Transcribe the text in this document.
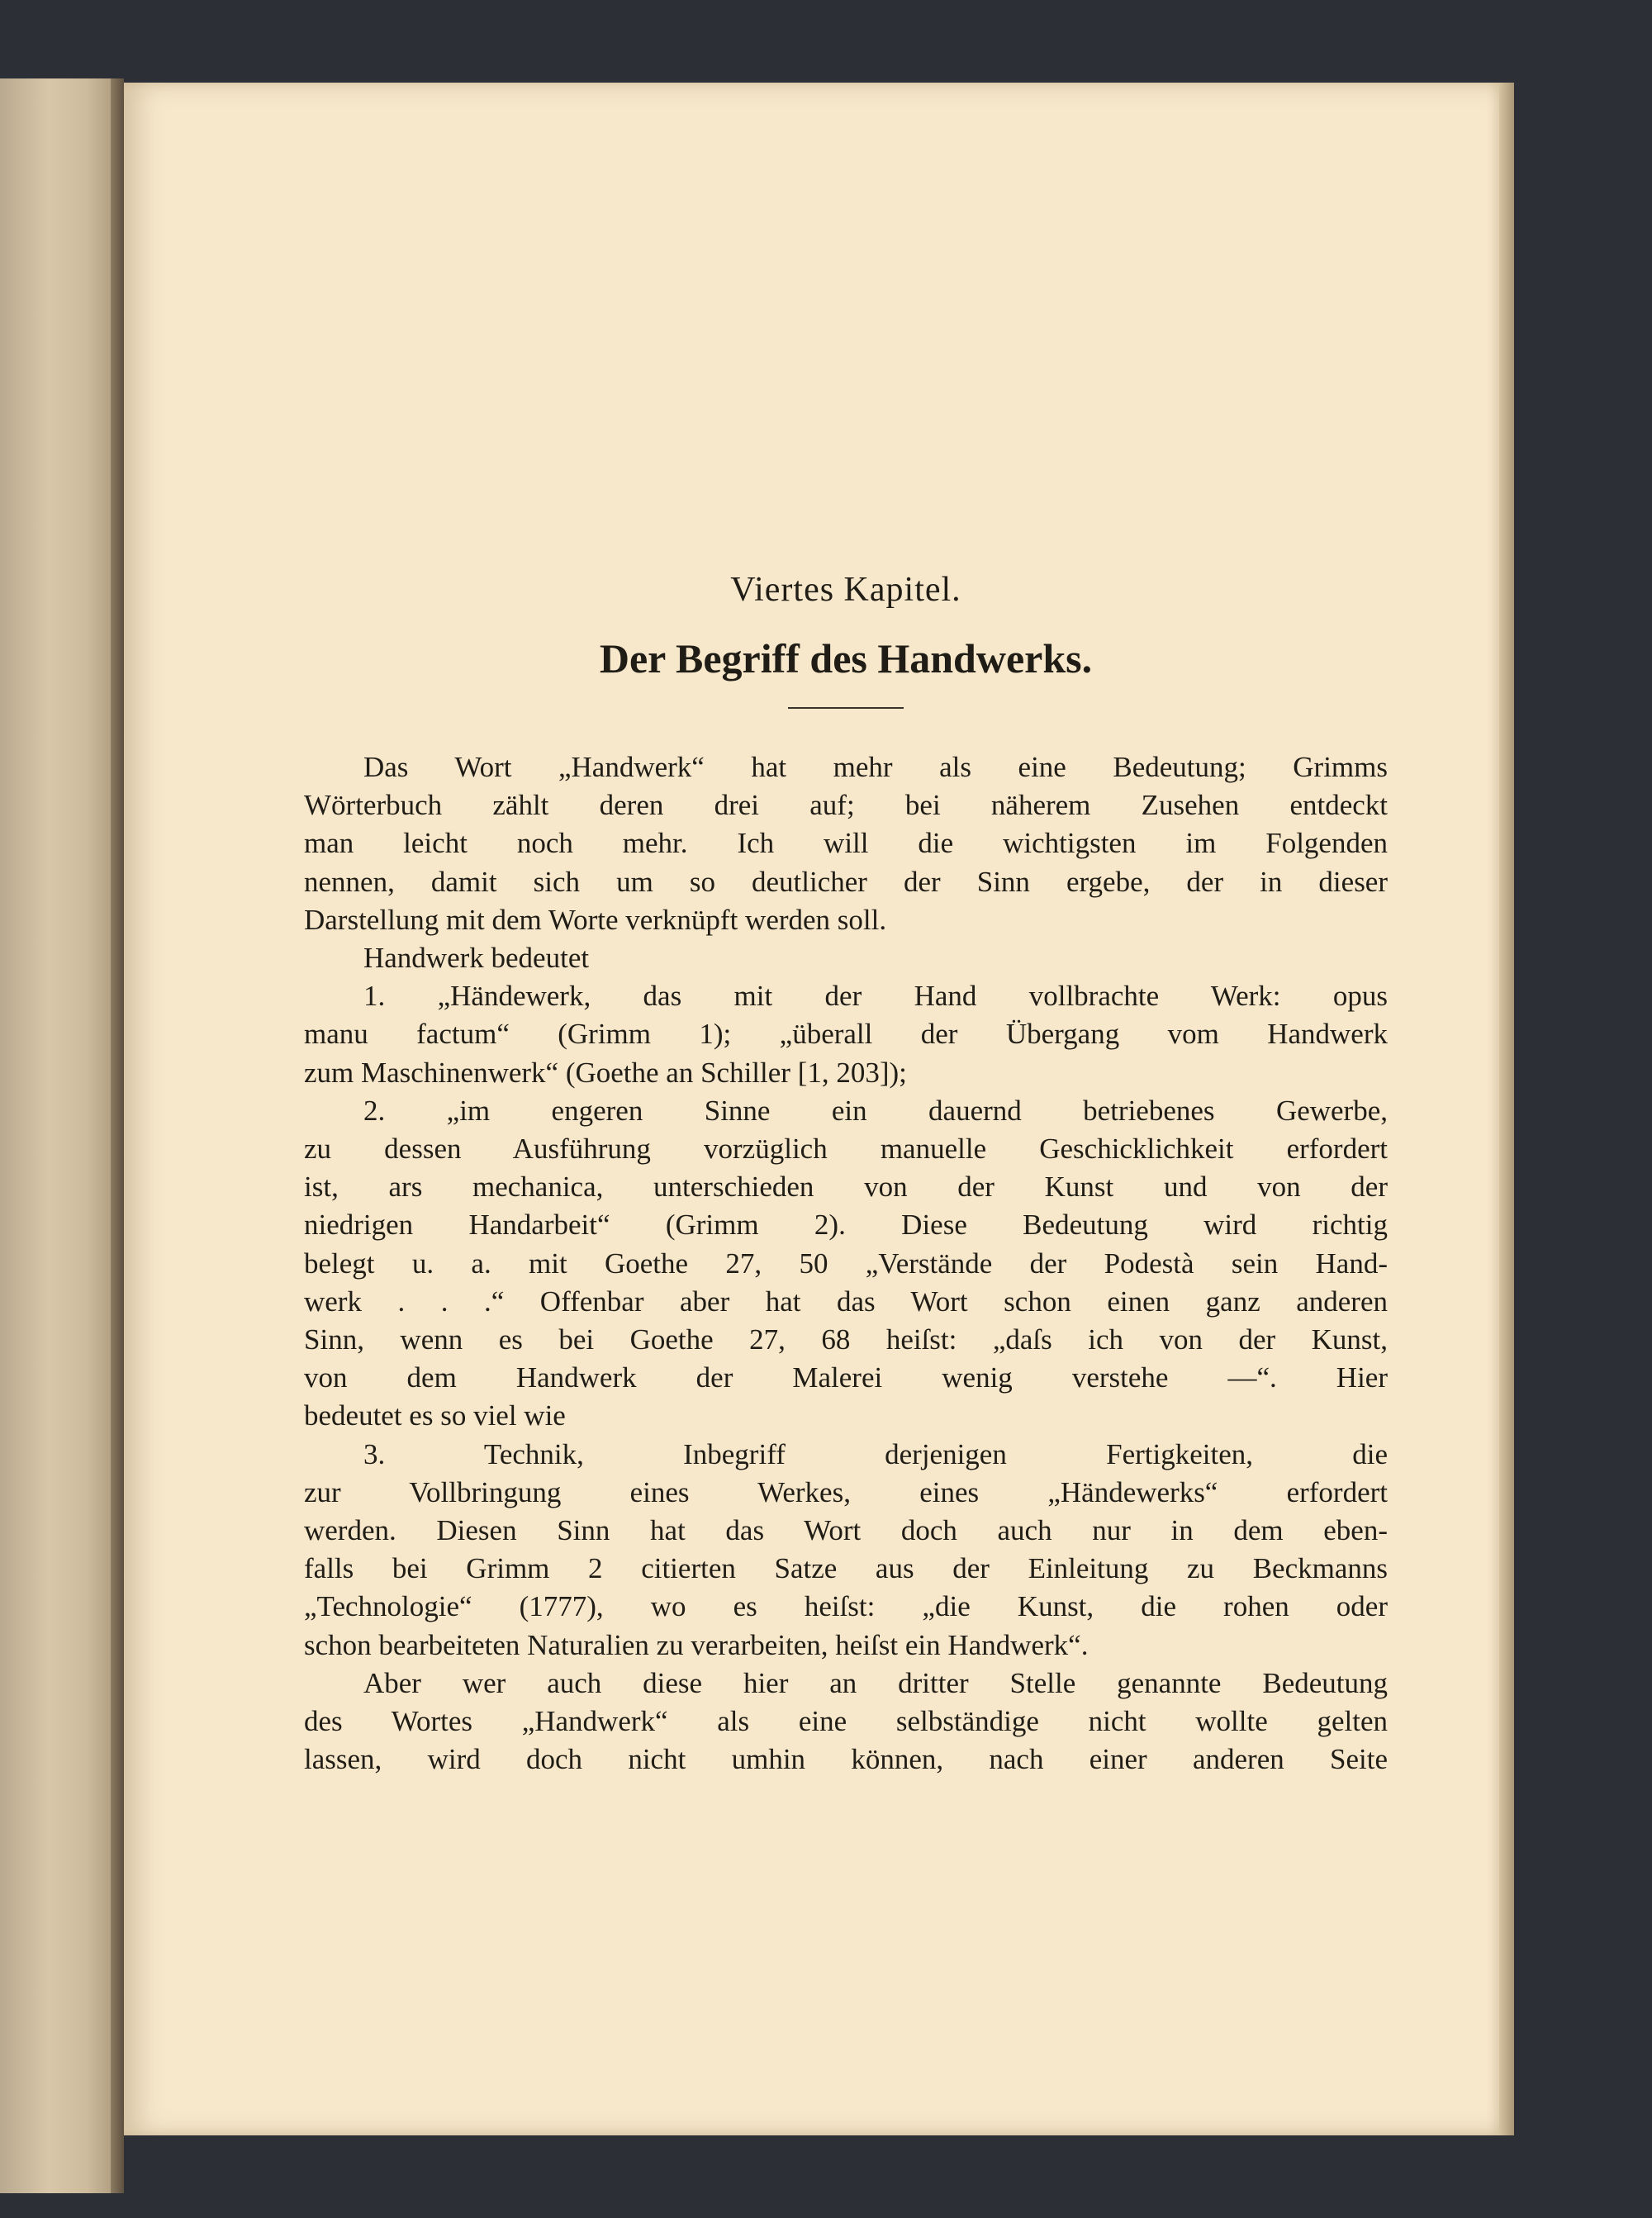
Viertes Kapitel.
Der Begriff des Handwerks.

Das Wort „Handwerk“ hat mehr als eine Bedeutung; Grimms
Wörterbuch zählt deren drei auf; bei näherem Zusehen entdeckt
man leicht noch mehr. Ich will die wichtigsten im Folgenden
nennen, damit sich um so deutlicher der Sinn ergebe, der in dieser
Darstellung mit dem Worte verknüpft werden soll.

Handwerk bedeutet

1. „Händewerk, das mit der Hand vollbrachte Werk: opus
manu factum“ (Grimm 1); „überall der Übergang vom Handwerk
zum Maschinenwerk“ (Goethe an Schiller [1, 203]);

2. „im engeren Sinne ein dauernd betriebenes Gewerbe,
zu dessen Ausführung vorzüglich manuelle Geschicklichkeit erfordert
ist, ars mechanica, unterschieden von der Kunst und von der
niedrigen Handarbeit“ (Grimm 2). Diese Bedeutung wird richtig
belegt u. a. mit Goethe 27, 50 „Verstände der Podestà sein Hand-
werk . . .“ Offenbar aber hat das Wort schon einen ganz anderen
Sinn, wenn es bei Goethe 27, 68 heiſst: „daſs ich von der Kunst,
von dem Handwerk der Malerei wenig verstehe —“. Hier
bedeutet es so viel wie

3. Technik, Inbegriff derjenigen Fertigkeiten, die
zur Vollbringung eines Werkes, eines „Händewerks“ erfordert
werden. Diesen Sinn hat das Wort doch auch nur in dem eben-
falls bei Grimm 2 citierten Satze aus der Einleitung zu Beckmanns
„Technologie“ (1777), wo es heiſst: „die Kunst, die rohen oder
schon bearbeiteten Naturalien zu verarbeiten, heiſst ein Handwerk“.

Aber wer auch diese hier an dritter Stelle genannte Bedeutung
des Wortes „Handwerk“ als eine selbständige nicht wollte gelten
lassen, wird doch nicht umhin können, nach einer anderen Seite
